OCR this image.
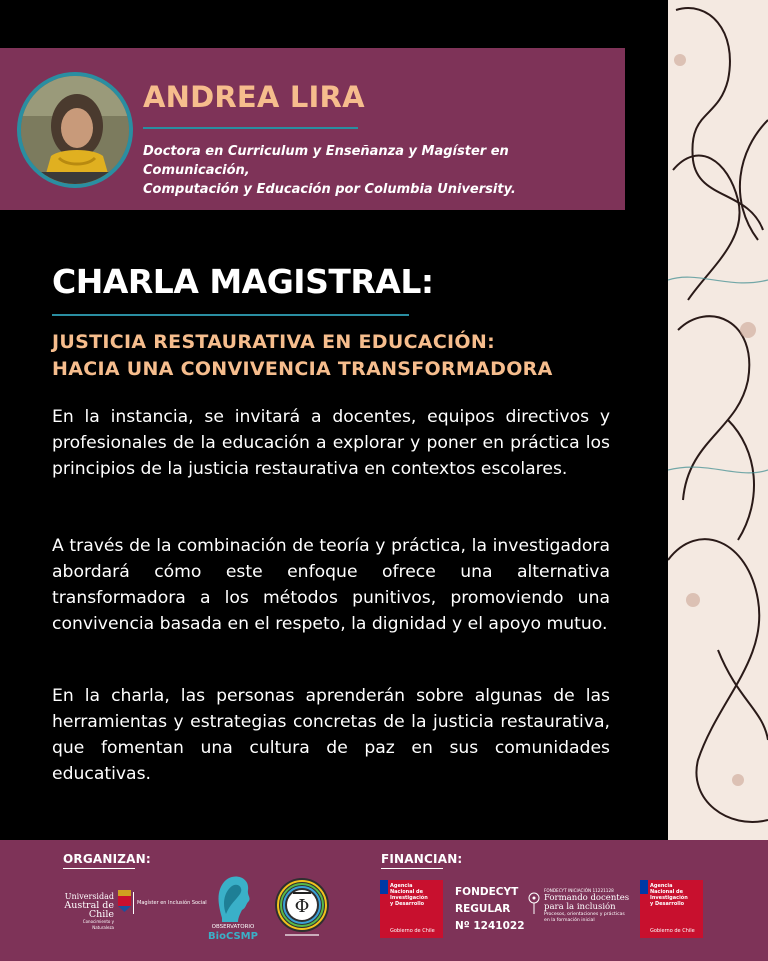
ANDREA LIRA
Doctora en Curriculum y Enseñanza y Magíster en Comunicación,
Computación y Educación por Columbia University.
CHARLA MAGISTRAL:
JUSTICIA RESTAURATIVA EN EDUCACIÓN:
HACIA UNA CONVIVENCIA TRANSFORMADORA

En la instancia, se invitará a docentes, equipos directivos y profesionales de la educación a explorar y poner en práctica los principios de la justicia restaurativa en contextos escolares.

A través de la combinación de teoría y práctica, la investigadora abordará cómo este enfoque ofrece una alternativa transformadora a los métodos punitivos, promoviendo una convivencia basada en el respeto, la dignidad y el apoyo mutuo.

En la charla, las personas aprenderán sobre algunas de las herramientas y estrategias concretas de la justicia restaurativa, que fomentan una cultura de paz en sus comunidades educativas.

ORGANIZAN:	FINANCIAN:
Universidad
Austral de Chile
Conocimiento y Naturaleza
Magíster en Inclusión Social
OBSERVATORIO
BioCSMP
Φ
Agencia
Nacional de
Investigación
y Desarrollo
Gobierno de Chile
FONDECYT
REGULAR
Nº 1241022
FONDECYT INICIACIÓN 11221128
Formando docentes
para la inclusión
Procesos, orientaciones y prácticas
en la formación inicial
Agencia
Nacional de
Investigación
y Desarrollo
Gobierno de Chile
